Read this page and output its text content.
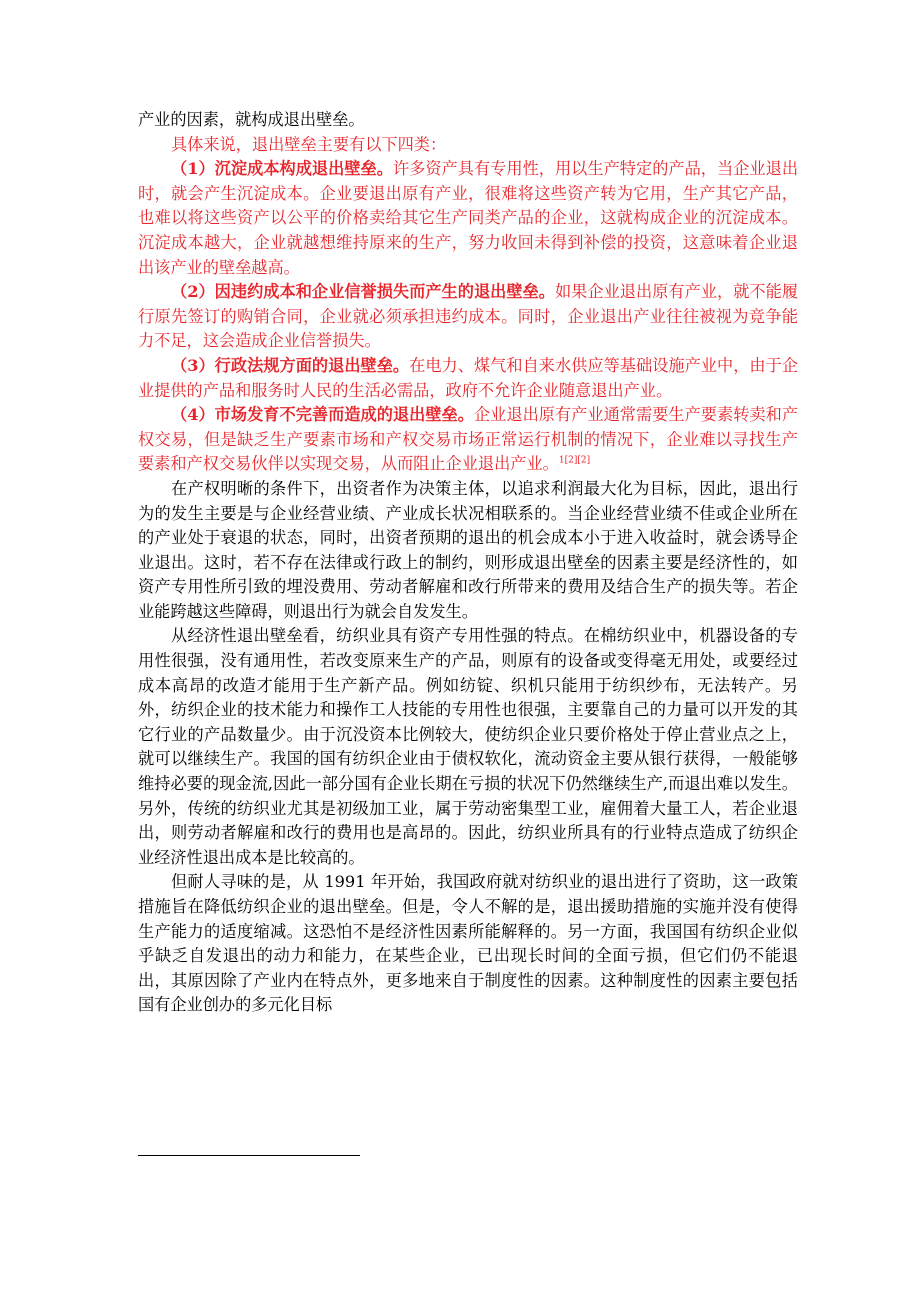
产业的因素，就构成退出壁垒。

具体来说，退出壁垒主要有以下四类：

（1）沉淀成本构成退出壁垒。许多资产具有专用性，用以生产特定的产品，当企业退出时，就会产生沉淀成本。企业要退出原有产业，很难将这些资产转为它用，生产其它产品，也难以将这些资产以公平的价格卖给其它生产同类产品的企业，这就构成企业的沉淀成本。沉淀成本越大，企业就越想维持原来的生产，努力收回未得到补偿的投资，这意味着企业退出该产业的壁垒越高。

（2）因违约成本和企业信誉损失而产生的退出壁垒。如果企业退出原有产业，就不能履行原先签订的购销合同，企业就必须承担违约成本。同时，企业退出产业往往被视为竞争能力不足，这会造成企业信誉损失。

（3）行政法规方面的退出壁垒。在电力、煤气和自来水供应等基础设施产业中，由于企业提供的产品和服务时人民的生活必需品，政府不允许企业随意退出产业。

（4）市场发育不完善而造成的退出壁垒。企业退出原有产业通常需要生产要素转卖和产权交易，但是缺乏生产要素市场和产权交易市场正常运行机制的情况下，企业难以寻找生产要素和产权交易伙伴以实现交易，从而阻止企业退出产业。$^{1[2][2]}$

在产权明晰的条件下，出资者作为决策主体，以追求利润最大化为目标，因此，退出行为的发生主要是与企业经营业绩、产业成长状况相联系的。当企业经营业绩不佳或企业所在的产业处于衰退的状态，同时，出资者预期的退出的机会成本小于进入收益时，就会诱导企业退出。这时，若不存在法律或行政上的制约，则形成退出壁垒的因素主要是经济性的，如资产专用性所引致的埋没费用、劳动者解雇和改行所带来的费用及结合生产的损失等。若企业能跨越这些障碍，则退出行为就会自发发生。

从经济性退出壁垒看，纺织业具有资产专用性强的特点。在棉纺织业中，机器设备的专用性很强，没有通用性，若改变原来生产的产品，则原有的设备或变得毫无用处，或要经过成本高昂的改造才能用于生产新产品。例如纺锭、织机只能用于纺织纱布，无法转产。另外，纺织企业的技术能力和操作工人技能的专用性也很强，主要靠自己的力量可以开发的其它行业的产品数量少。由于沉没资本比例较大，使纺织企业只要价格处于停止营业点之上，就可以继续生产。我国的国有纺织企业由于债权软化，流动资金主要从银行获得，一般能够维持必要的现金流,因此一部分国有企业长期在亏损的状况下仍然继续生产,而退出难以发生。另外，传统的纺织业尤其是初级加工业，属于劳动密集型工业，雇佣着大量工人，若企业退出，则劳动者解雇和改行的费用也是高昂的。因此，纺织业所具有的行业特点造成了纺织企业经济性退出成本是比较高的。

但耐人寻味的是，从 1991 年开始，我国政府就对纺织业的退出进行了资助，这一政策措施旨在降低纺织企业的退出壁垒。但是，令人不解的是，退出援助措施的实施并没有使得生产能力的适度缩减。这恐怕不是经济性因素所能解释的。另一方面，我国国有纺织企业似乎缺乏自发退出的动力和能力，在某些企业，已出现长时间的全面亏损，但它们仍不能退出，其原因除了产业内在特点外，更多地来自于制度性的因素。这种制度性的因素主要包括国有企业创办的多元化目标
